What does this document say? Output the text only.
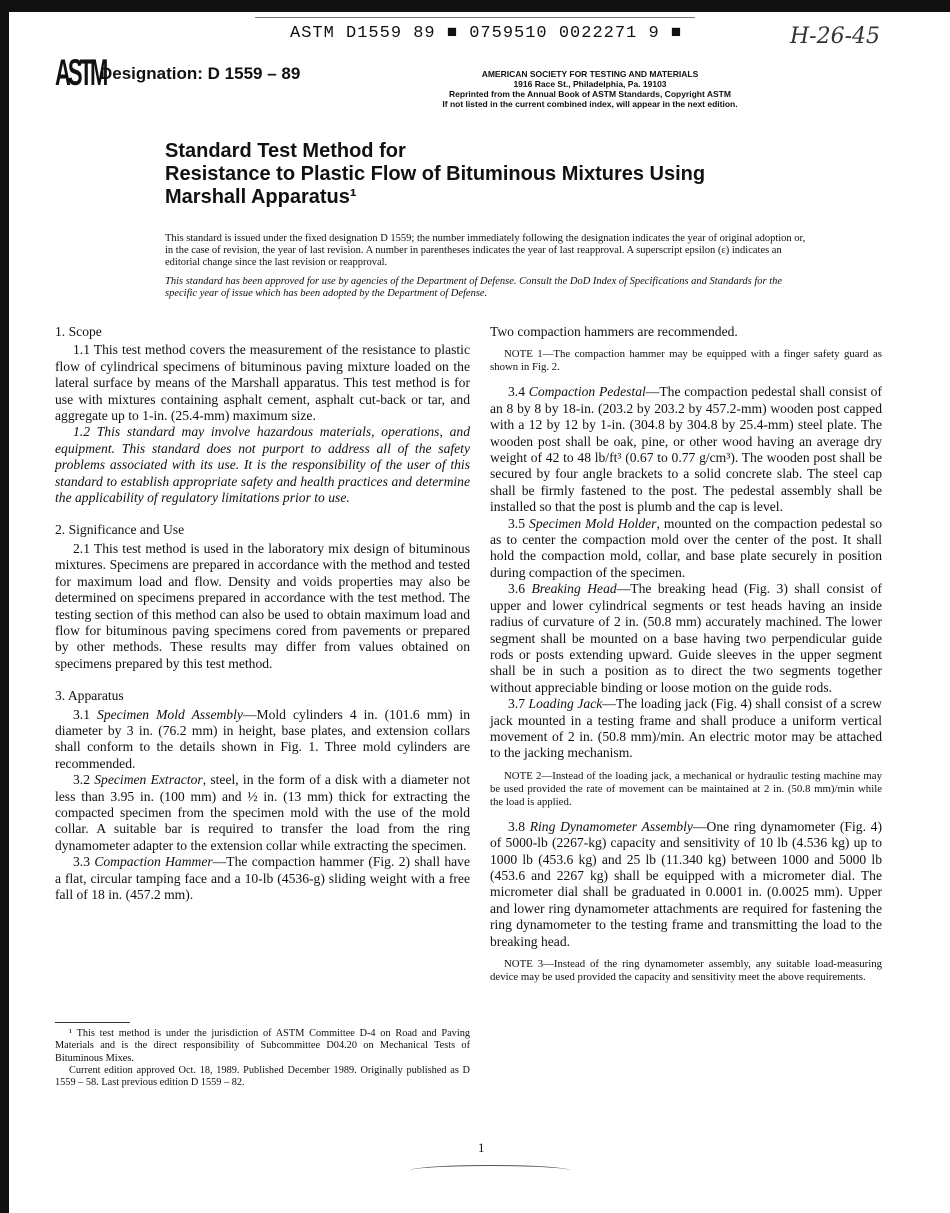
ASTM D1559 89 ■ 0759510 0022271 9 ■	H-26-45
ASTM
Designation: D 1559 – 89	AMERICAN SOCIETY FOR TESTING AND MATERIALS
1916 Race St., Philadelphia, Pa. 19103
Reprinted from the Annual Book of ASTM Standards, Copyright ASTM
If not listed in the current combined index, will appear in the next edition.
Standard Test Method for
Resistance to Plastic Flow of Bituminous Mixtures Using
Marshall Apparatus¹
This standard is issued under the fixed designation D 1559; the number immediately following the designation indicates the year of original adoption or, in the case of revision, the year of last revision. A number in parentheses indicates the year of last reapproval. A superscript epsilon (ε) indicates an editorial change since the last revision or reapproval.
This standard has been approved for use by agencies of the Department of Defense. Consult the DoD Index of Specifications and Standards for the specific year of issue which has been adopted by the Department of Defense.
1. Scope

1.1 This test method covers the measurement of the resistance to plastic flow of cylindrical specimens of bituminous paving mixture loaded on the lateral surface by means of the Marshall apparatus. This test method is for use with mixtures containing asphalt cement, asphalt cut-back or tar, and aggregate up to 1-in. (25.4-mm) maximum size.

1.2 This standard may involve hazardous materials, operations, and equipment. This standard does not purport to address all of the safety problems associated with its use. It is the responsibility of the user of this standard to establish appropriate safety and health practices and determine the applicability of regulatory limitations prior to use.

2. Significance and Use

2.1 This test method is used in the laboratory mix design of bituminous mixtures. Specimens are prepared in accordance with the method and tested for maximum load and flow. Density and voids properties may also be determined on specimens prepared in accordance with the test method. The testing section of this method can also be used to obtain maximum load and flow for bituminous paving specimens cored from pavements or prepared by other methods. These results may differ from values obtained on specimens prepared by this test method.

3. Apparatus

3.1 Specimen Mold Assembly—Mold cylinders 4 in. (101.6 mm) in diameter by 3 in. (76.2 mm) in height, base plates, and extension collars shall conform to the details shown in Fig. 1. Three mold cylinders are recommended.

3.2 Specimen Extractor, steel, in the form of a disk with a diameter not less than 3.95 in. (100 mm) and ½ in. (13 mm) thick for extracting the compacted specimen from the specimen mold with the use of the mold collar. A suitable bar is required to transfer the load from the ring dynamometer adapter to the extension collar while extracting the specimen.

3.3 Compaction Hammer—The compaction hammer (Fig. 2) shall have a flat, circular tamping face and a 10-lb (4536-g) sliding weight with a free fall of 18 in. (457.2 mm).

¹ This test method is under the jurisdiction of ASTM Committee D-4 on Road and Paving Materials and is the direct responsibility of Subcommittee D04.20 on Mechanical Tests of Bituminous Mixes.

Current edition approved Oct. 18, 1989. Published December 1989. Originally published as D 1559 – 58. Last previous edition D 1559 – 82.

Two compaction hammers are recommended.

NOTE 1—The compaction hammer may be equipped with a finger safety guard as shown in Fig. 2.

3.4 Compaction Pedestal—The compaction pedestal shall consist of an 8 by 8 by 18-in. (203.2 by 203.2 by 457.2-mm) wooden post capped with a 12 by 12 by 1-in. (304.8 by 304.8 by 25.4-mm) steel plate. The wooden post shall be oak, pine, or other wood having an average dry weight of 42 to 48 lb/ft³ (0.67 to 0.77 g/cm³). The wooden post shall be secured by four angle brackets to a solid concrete slab. The steel cap shall be firmly fastened to the post. The pedestal assembly shall be installed so that the post is plumb and the cap is level.

3.5 Specimen Mold Holder, mounted on the compaction pedestal so as to center the compaction mold over the center of the post. It shall hold the compaction mold, collar, and base plate securely in position during compaction of the specimen.

3.6 Breaking Head—The breaking head (Fig. 3) shall consist of upper and lower cylindrical segments or test heads having an inside radius of curvature of 2 in. (50.8 mm) accurately machined. The lower segment shall be mounted on a base having two perpendicular guide rods or posts extending upward. Guide sleeves in the upper segment shall be in such a position as to direct the two segments together without appreciable binding or loose motion on the guide rods.

3.7 Loading Jack—The loading jack (Fig. 4) shall consist of a screw jack mounted in a testing frame and shall produce a uniform vertical movement of 2 in. (50.8 mm)/min. An electric motor may be attached to the jacking mechanism.

NOTE 2—Instead of the loading jack, a mechanical or hydraulic testing machine may be used provided the rate of movement can be maintained at 2 in. (50.8 mm)/min while the load is applied.

3.8 Ring Dynamometer Assembly—One ring dynamometer (Fig. 4) of 5000-lb (2267-kg) capacity and sensitivity of 10 lb (4.536 kg) up to 1000 lb (453.6 kg) and 25 lb (11.340 kg) between 1000 and 5000 lb (453.6 and 2267 kg) shall be equipped with a micrometer dial. The micrometer dial shall be graduated in 0.0001 in. (0.0025 mm). Upper and lower ring dynamometer attachments are required for fastening the ring dynamometer to the testing frame and transmitting the load to the breaking head.

NOTE 3—Instead of the ring dynamometer assembly, any suitable load-measuring device may be used provided the capacity and sensitivity meet the above requirements.

1
